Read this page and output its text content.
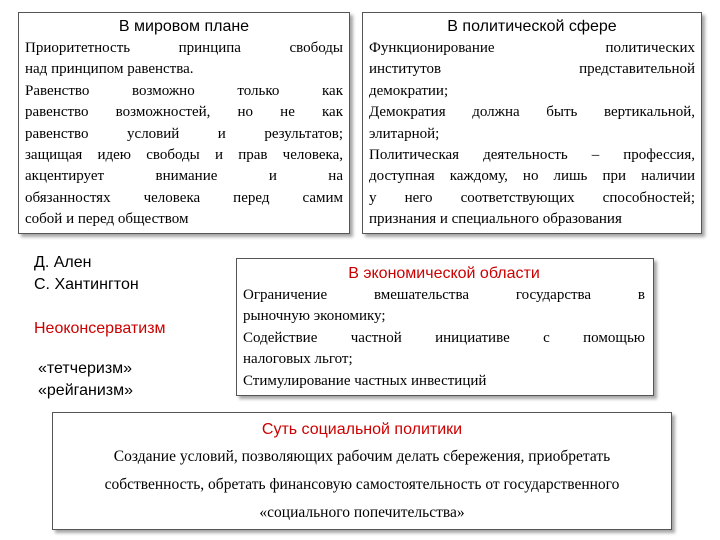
В мировом плане
Приоритетность принципа свободы
над принципом равенства.
Равенство возможно только как
равенство возможностей, но не как
равенство условий и результатов;
защищая идею свободы и прав человека,
акцентирует внимание и на
обязанностях человека перед самим
собой и перед обществом
В политической сфере
Функционирование политических
институтов представительной
демократии;
Демократия должна быть вертикальной,
элитарной;
Политическая деятельность – профессия,
доступная каждому, но лишь при наличии
у него соответствующих способностей;
признания и специального образования
Д. Ален
С. Хантингтон
Неоконсерватизм
«тетчеризм»
«рейганизм»
В экономической области
Ограничение вмешательства государства в
рыночную экономику;
Содействие частной инициативе с помощью
налоговых льгот;
Стимулирование частных инвестиций
Суть социальной политики
Создание условий, позволяющих рабочим делать сбережения, приобретать
собственность, обретать финансовую самостоятельность от государственного
«социального попечительства»
